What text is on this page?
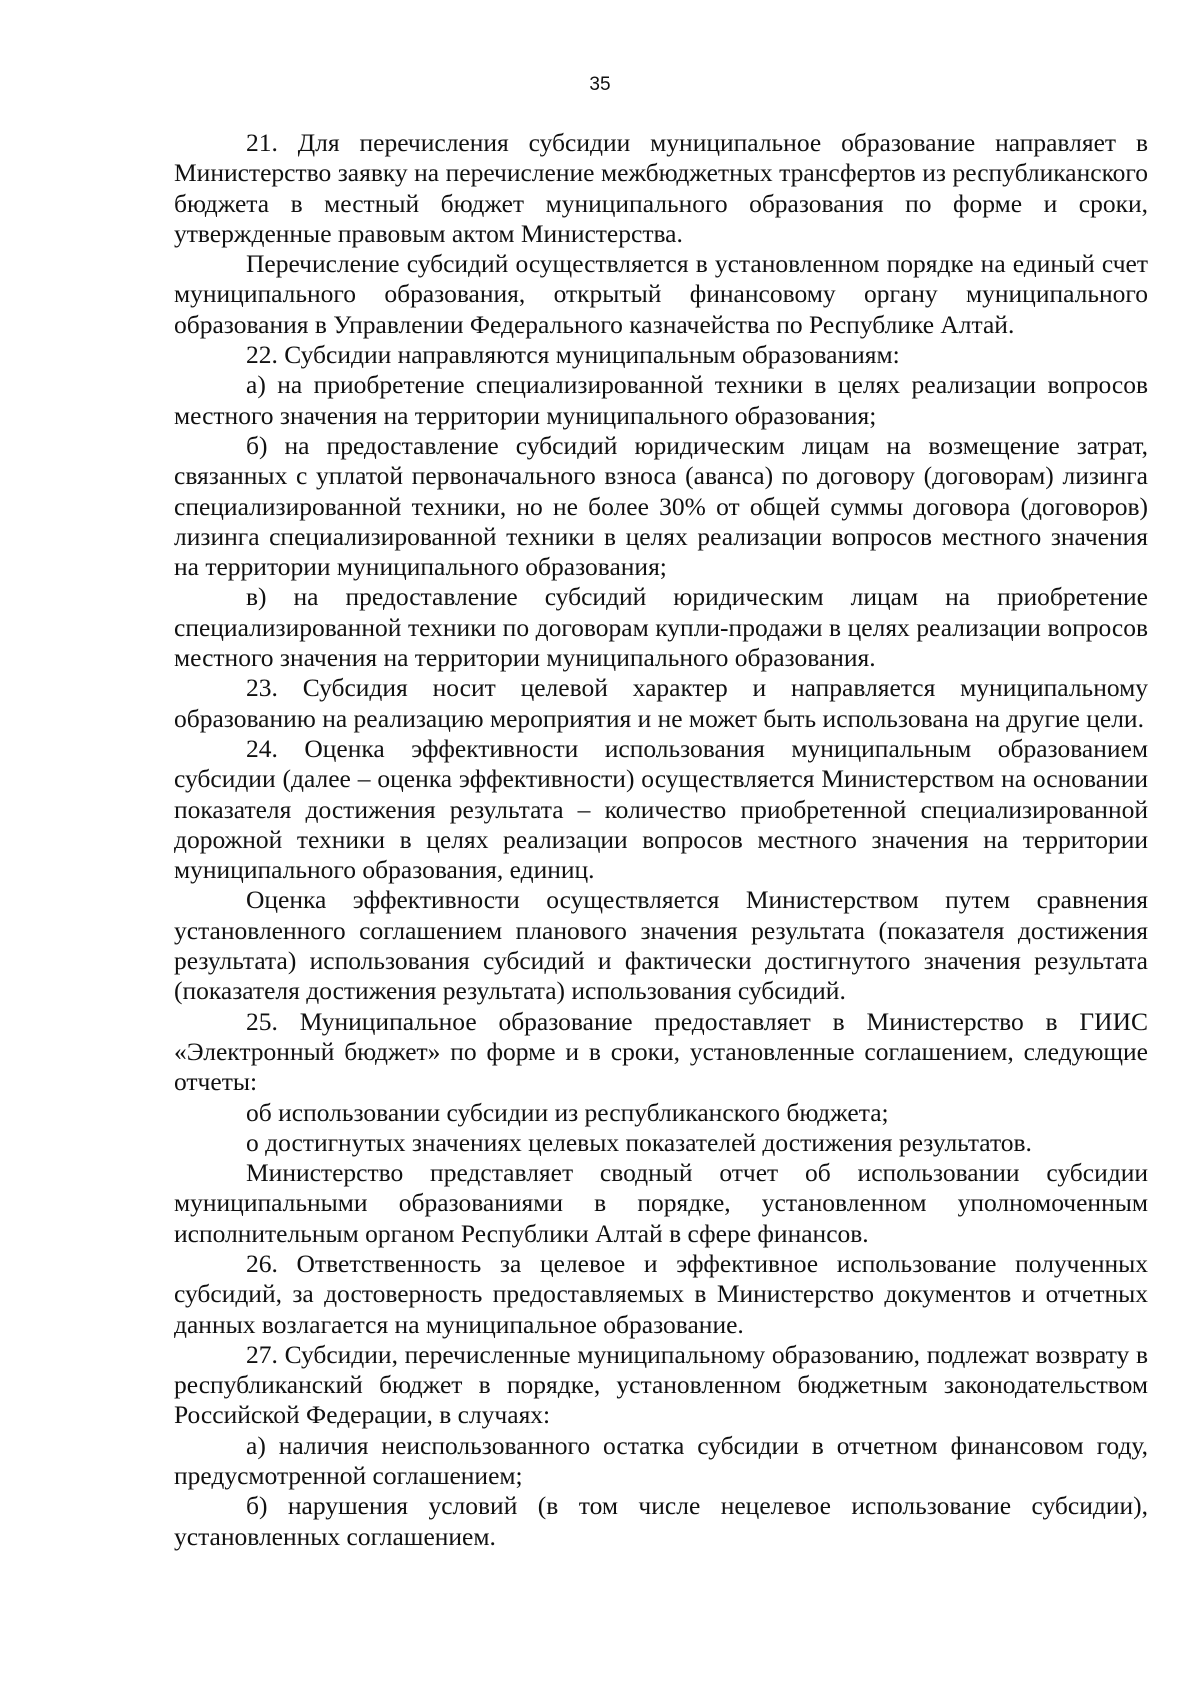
35

21. Для перечисления субсидии муниципальное образование направляет в Министерство заявку на перечисление межбюджетных трансфертов из республиканского бюджета в местный бюджет муниципального образования по форме и сроки, утвержденные правовым актом Министерства.

Перечисление субсидий осуществляется в установленном порядке на единый счет муниципального образования, открытый финансовому органу муниципального образования в Управлении Федерального казначейства по Республике Алтай.

22. Субсидии направляются муниципальным образованиям:

а) на приобретение специализированной техники в целях реализации вопросов местного значения на территории муниципального образования;

б) на предоставление субсидий юридическим лицам на возмещение затрат, связанных с уплатой первоначального взноса (аванса) по договору (договорам) лизинга специализированной техники, но не более 30% от общей суммы договора (договоров) лизинга специализированной техники в целях реализации вопросов местного значения на территории муниципального образования;

в) на предоставление субсидий юридическим лицам на приобретение специализированной техники по договорам купли-продажи в целях реализации вопросов местного значения на территории муниципального образования.

23. Субсидия носит целевой характер и направляется муниципальному образованию на реализацию мероприятия и не может быть использована на другие цели.

24. Оценка эффективности использования муниципальным образованием субсидии (далее – оценка эффективности) осуществляется Министерством на основании показателя достижения результата – количество приобретенной специализированной дорожной техники в целях реализации вопросов местного значения на территории муниципального образования, единиц.

Оценка эффективности осуществляется Министерством путем сравнения установленного соглашением планового значения результата (показателя достижения результата) использования субсидий и фактически достигнутого значения результата (показателя достижения результата) использования субсидий.

25. Муниципальное образование предоставляет в Министерство в ГИИС «Электронный бюджет» по форме и в сроки, установленные соглашением, следующие отчеты:

об использовании субсидии из республиканского бюджета;

о достигнутых значениях целевых показателей достижения результатов.

Министерство представляет сводный отчет об использовании субсидии муниципальными образованиями в порядке, установленном уполномоченным исполнительным органом Республики Алтай в сфере финансов.

26. Ответственность за целевое и эффективное использование полученных субсидий, за достоверность предоставляемых в Министерство документов и отчетных данных возлагается на муниципальное образование.

27. Субсидии, перечисленные муниципальному образованию, подлежат возврату в республиканский бюджет в порядке, установленном бюджетным законодательством Российской Федерации, в случаях:

а) наличия неиспользованного остатка субсидии в отчетном финансовом году, предусмотренной соглашением;

б) нарушения условий (в том числе нецелевое использование субсидии), установленных соглашением.
